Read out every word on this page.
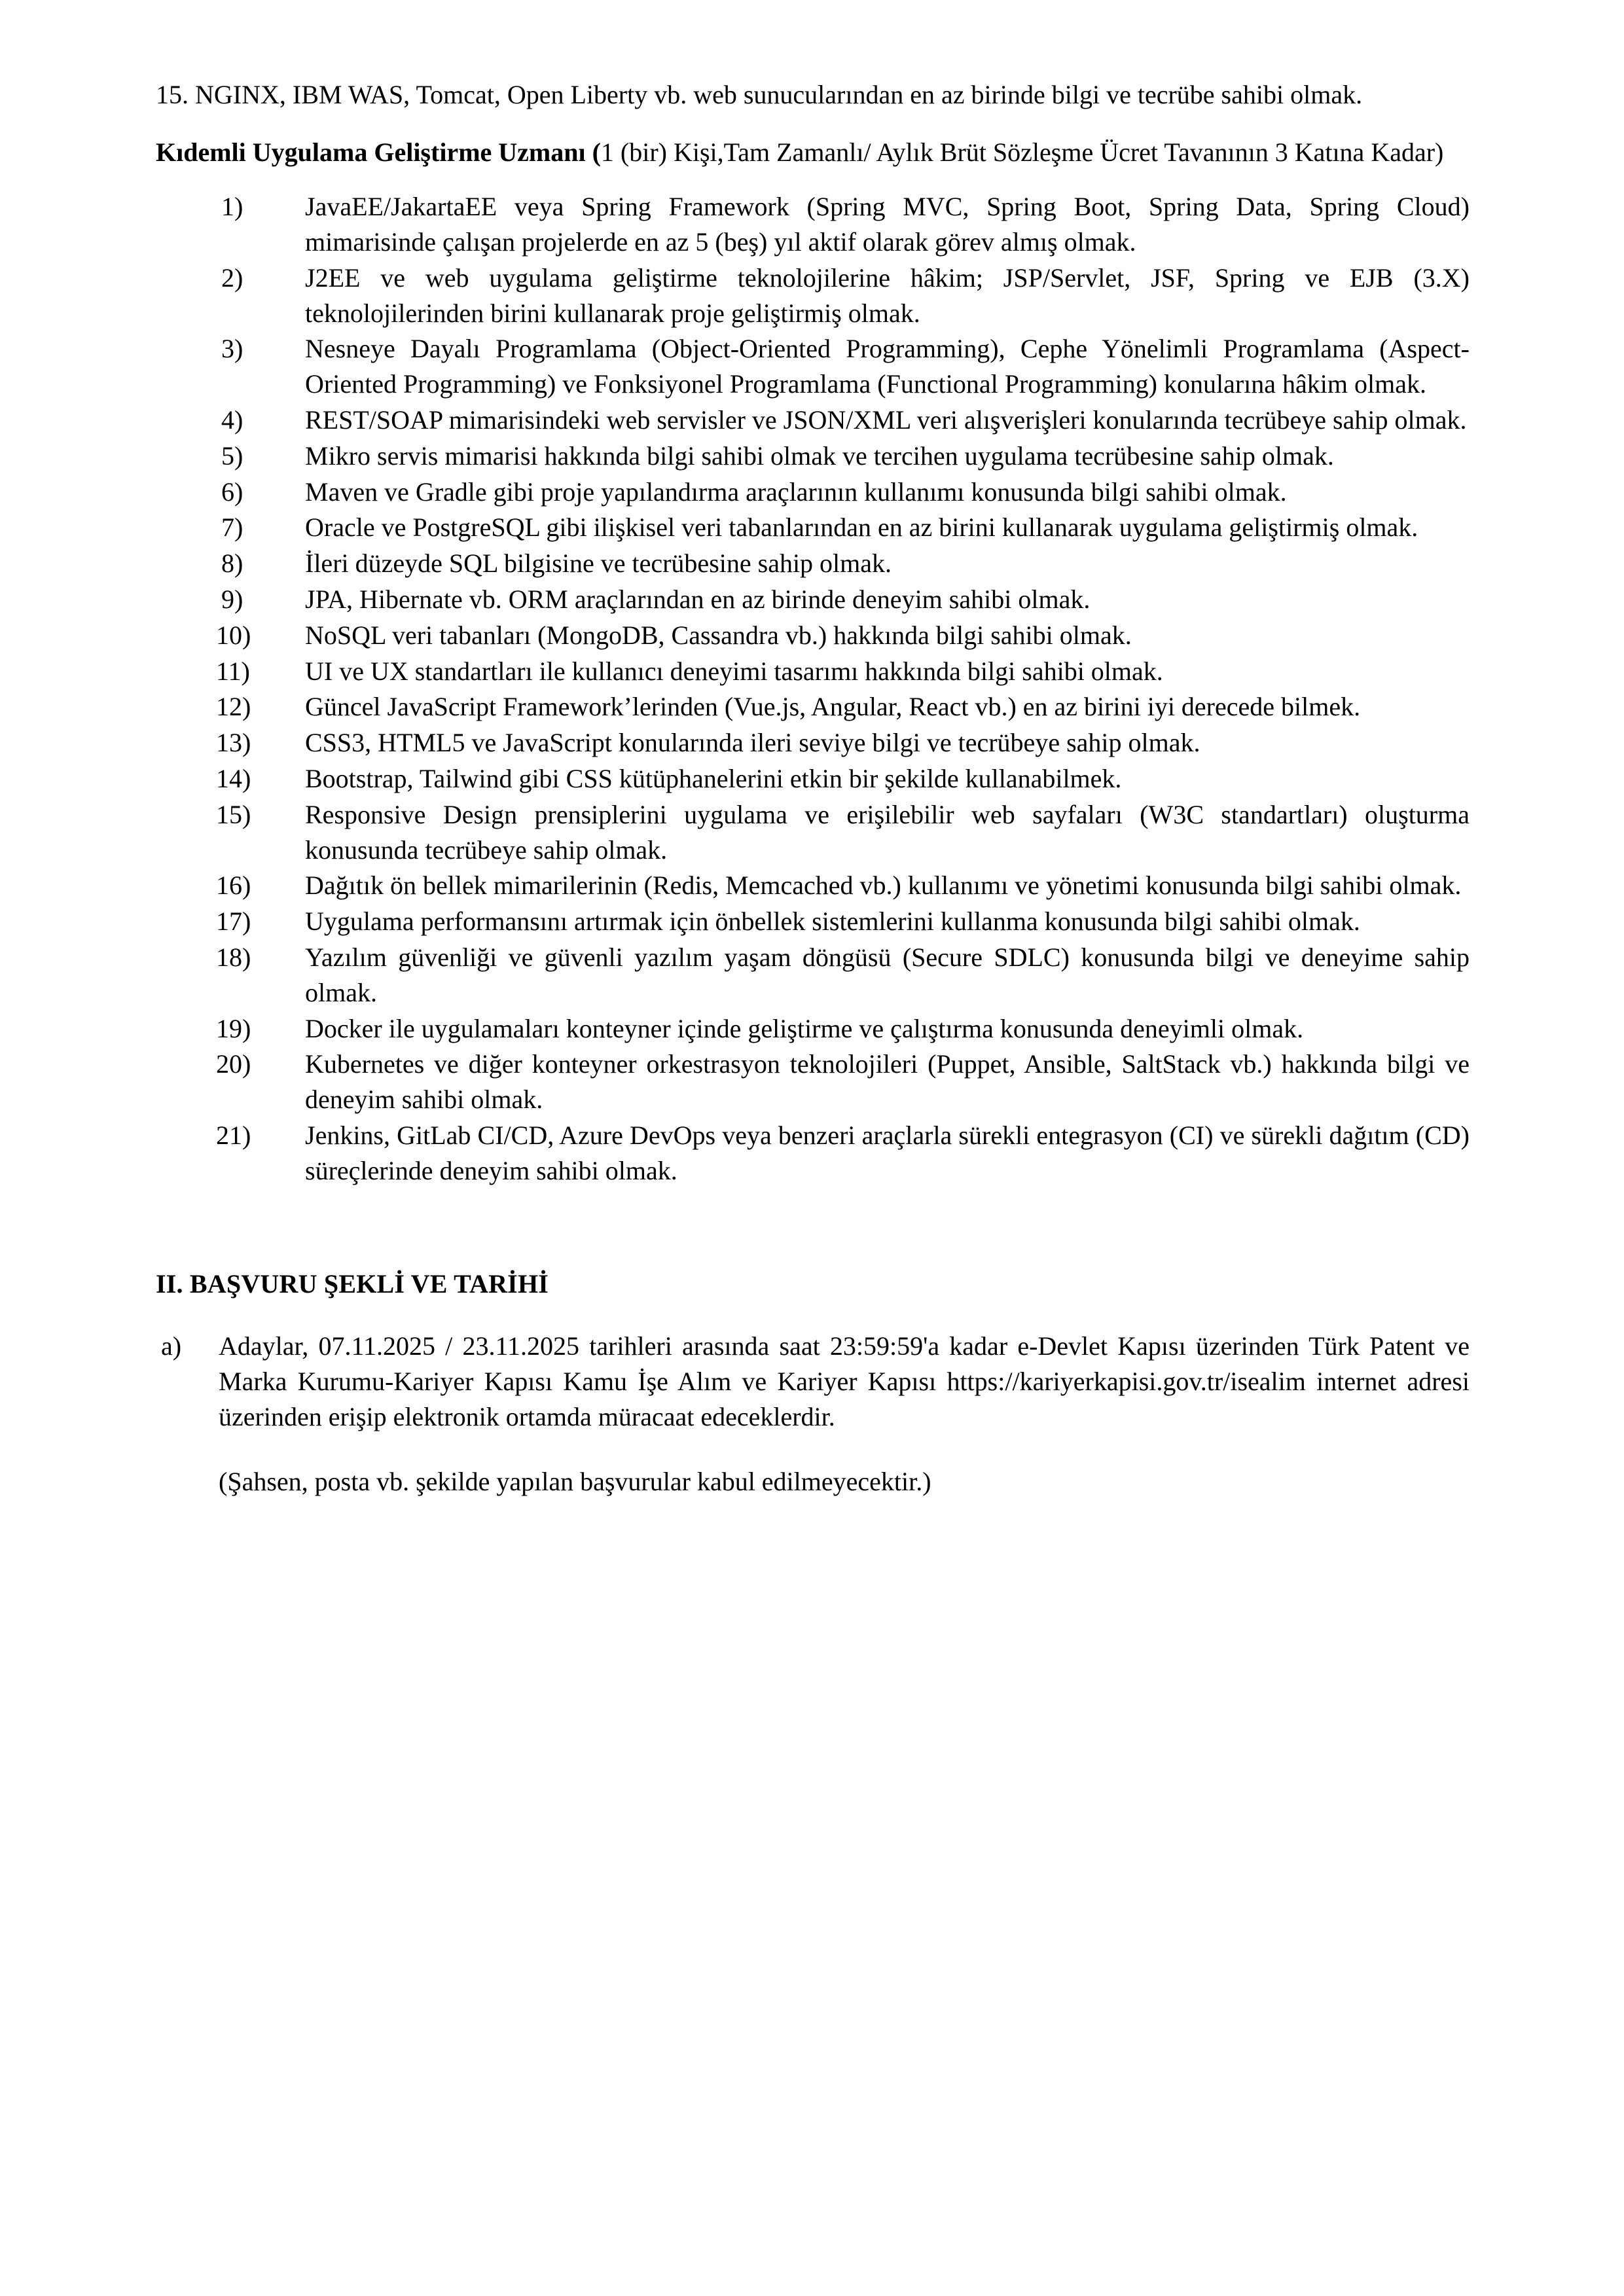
15. NGINX, IBM WAS, Tomcat, Open Liberty vb. web sunucularından en az birinde bilgi ve tecrübe sahibi olmak.

Kıdemli Uygulama Geliştirme Uzmanı (1 (bir) Kişi,Tam Zamanlı/ Aylık Brüt Sözleşme Ücret Tavanının 3 Katına Kadar)

1)	JavaEE/JakartaEE veya Spring Framework (Spring MVC, Spring Boot, Spring Data, Spring Cloud) mimarisinde çalışan projelerde en az 5 (beş) yıl aktif olarak görev almış olmak.
2)	J2EE ve web uygulama geliştirme teknolojilerine hâkim; JSP/Servlet, JSF, Spring ve EJB (3.X) teknolojilerinden birini kullanarak proje geliştirmiş olmak.
3)	Nesneye Dayalı Programlama (Object-Oriented Programming), Cephe Yönelimli Programlama (Aspect-Oriented Programming) ve Fonksiyonel Programlama (Functional Programming) konularına hâkim olmak.
4)	REST/SOAP mimarisindeki web servisler ve JSON/XML veri alışverişleri konularında tecrübeye sahip olmak.
5)	Mikro servis mimarisi hakkında bilgi sahibi olmak ve tercihen uygulama tecrübesine sahip olmak.
6)	Maven ve Gradle gibi proje yapılandırma araçlarının kullanımı konusunda bilgi sahibi olmak.
7)	Oracle ve PostgreSQL gibi ilişkisel veri tabanlarından en az birini kullanarak uygulama geliştirmiş olmak.
8)	İleri düzeyde SQL bilgisine ve tecrübesine sahip olmak.
9)	JPA, Hibernate vb. ORM araçlarından en az birinde deneyim sahibi olmak.
10)	NoSQL veri tabanları (MongoDB, Cassandra vb.) hakkında bilgi sahibi olmak.
11)	UI ve UX standartları ile kullanıcı deneyimi tasarımı hakkında bilgi sahibi olmak.
12)	Güncel JavaScript Framework’lerinden (Vue.js, Angular, React vb.) en az birini iyi derecede bilmek.
13)	CSS3, HTML5 ve JavaScript konularında ileri seviye bilgi ve tecrübeye sahip olmak.
14)	Bootstrap, Tailwind gibi CSS kütüphanelerini etkin bir şekilde kullanabilmek.
15)	Responsive Design prensiplerini uygulama ve erişilebilir web sayfaları (W3C standartları) oluşturma konusunda tecrübeye sahip olmak.
16)	Dağıtık ön bellek mimarilerinin (Redis, Memcached vb.) kullanımı ve yönetimi konusunda bilgi sahibi olmak.
17)	Uygulama performansını artırmak için önbellek sistemlerini kullanma konusunda bilgi sahibi olmak.
18)	Yazılım güvenliği ve güvenli yazılım yaşam döngüsü (Secure SDLC) konusunda bilgi ve deneyime sahip olmak.
19)	Docker ile uygulamaları konteyner içinde geliştirme ve çalıştırma konusunda deneyimli olmak.
20)	Kubernetes ve diğer konteyner orkestrasyon teknolojileri (Puppet, Ansible, SaltStack vb.) hakkında bilgi ve deneyim sahibi olmak.
21)	Jenkins, GitLab CI/CD, Azure DevOps veya benzeri araçlarla sürekli entegrasyon (CI) ve sürekli dağıtım (CD) süreçlerinde deneyim sahibi olmak.
II. BAŞVURU ŞEKLİ VE TARİHİ
a)	Adaylar, 07.11.2025 / 23.11.2025 tarihleri arasında saat 23:59:59'a kadar e-Devlet Kapısı üzerinden Türk Patent ve Marka Kurumu-Kariyer Kapısı Kamu İşe Alım ve Kariyer Kapısı https://kariyerkapisi.gov.tr/isealim internet adresi üzerinden erişip elektronik ortamda müracaat edeceklerdir.
(Şahsen, posta vb. şekilde yapılan başvurular kabul edilmeyecektir.)
